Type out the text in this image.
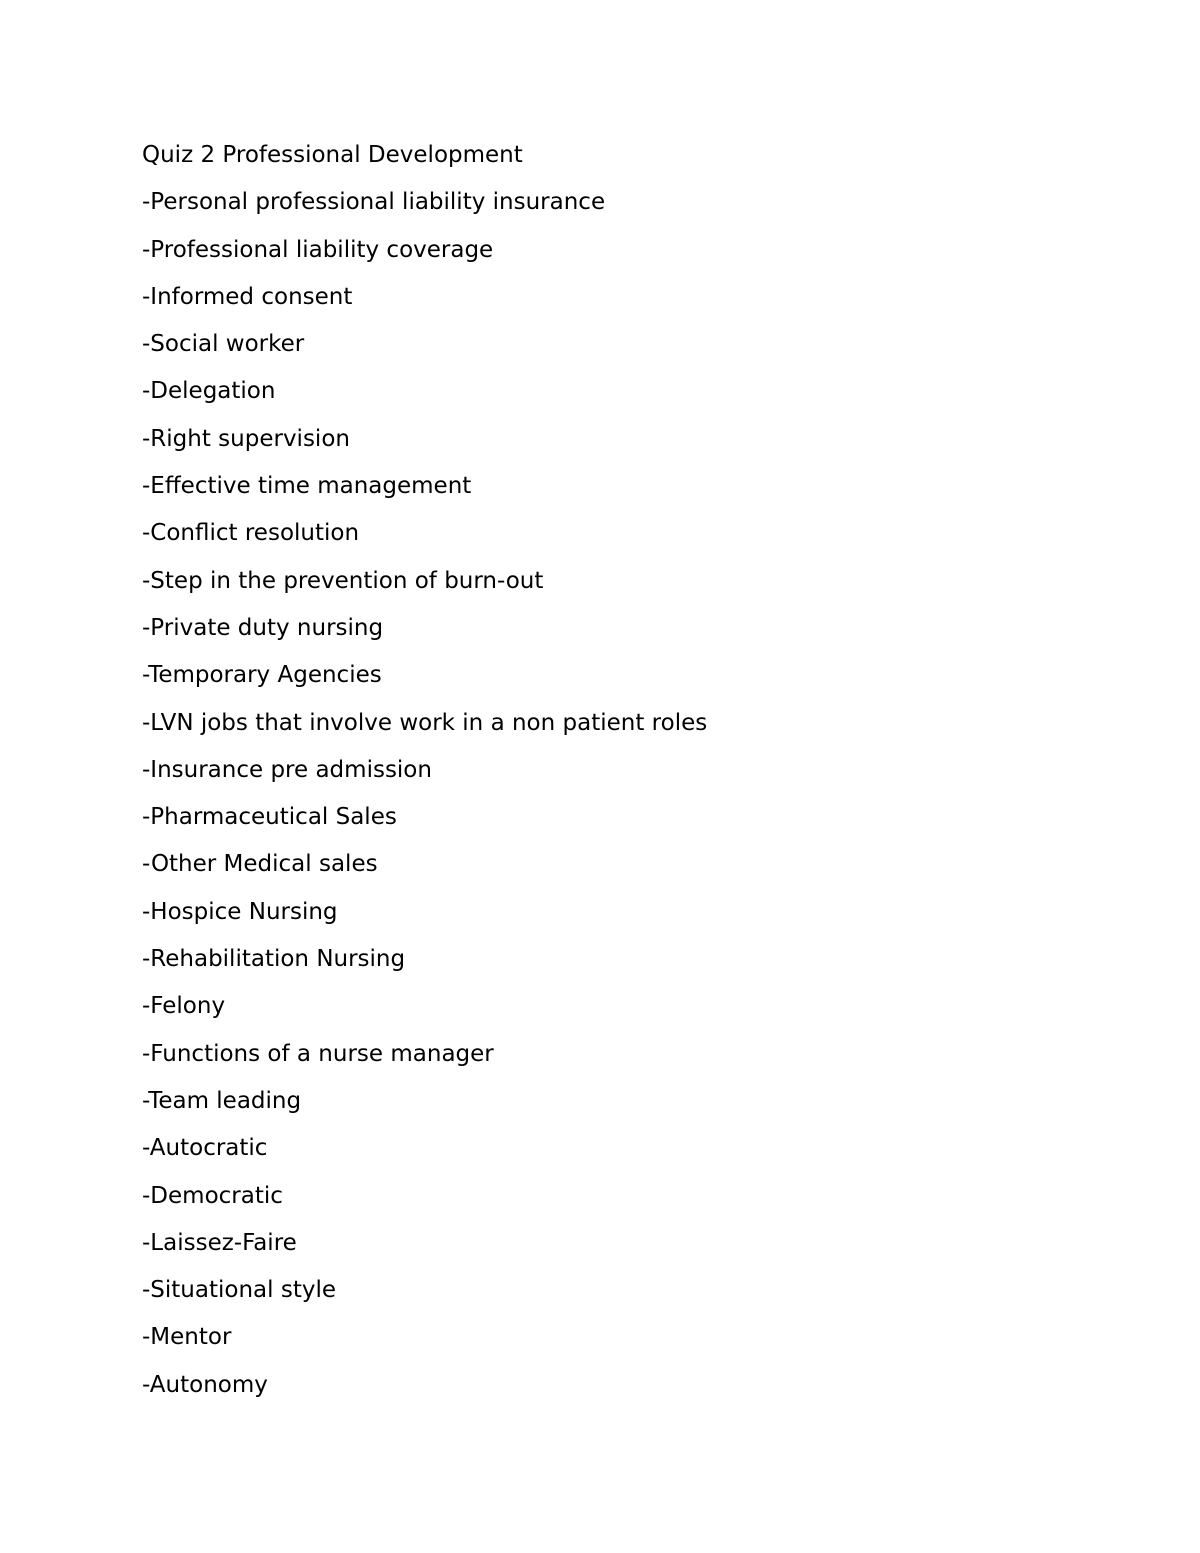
Quiz 2 Professional Development
-Personal professional liability insurance
-Professional liability coverage
-Informed consent
-Social worker
-Delegation
-Right supervision
-Effective time management
-Conflict resolution
-Step in the prevention of burn-out
-Private duty nursing
-Temporary Agencies
-LVN jobs that involve work in a non patient roles
-Insurance pre admission
-Pharmaceutical Sales
-Other Medical sales
-Hospice Nursing
-Rehabilitation Nursing
-Felony
-Functions of a nurse manager
-Team leading
-Autocratic
-Democratic
-Laissez-Faire
-Situational style
-Mentor
-Autonomy
